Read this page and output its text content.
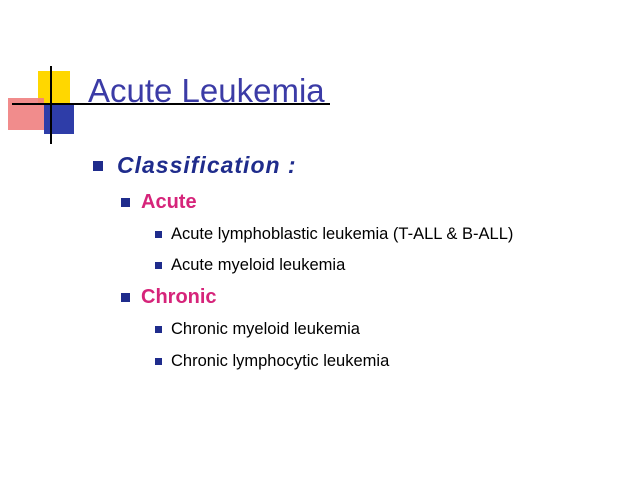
Acute Leukemia
Classification :
Acute
Acute lymphoblastic leukemia (T-ALL & B-ALL)
Acute myeloid leukemia
Chronic
Chronic myeloid leukemia
Chronic lymphocytic leukemia
